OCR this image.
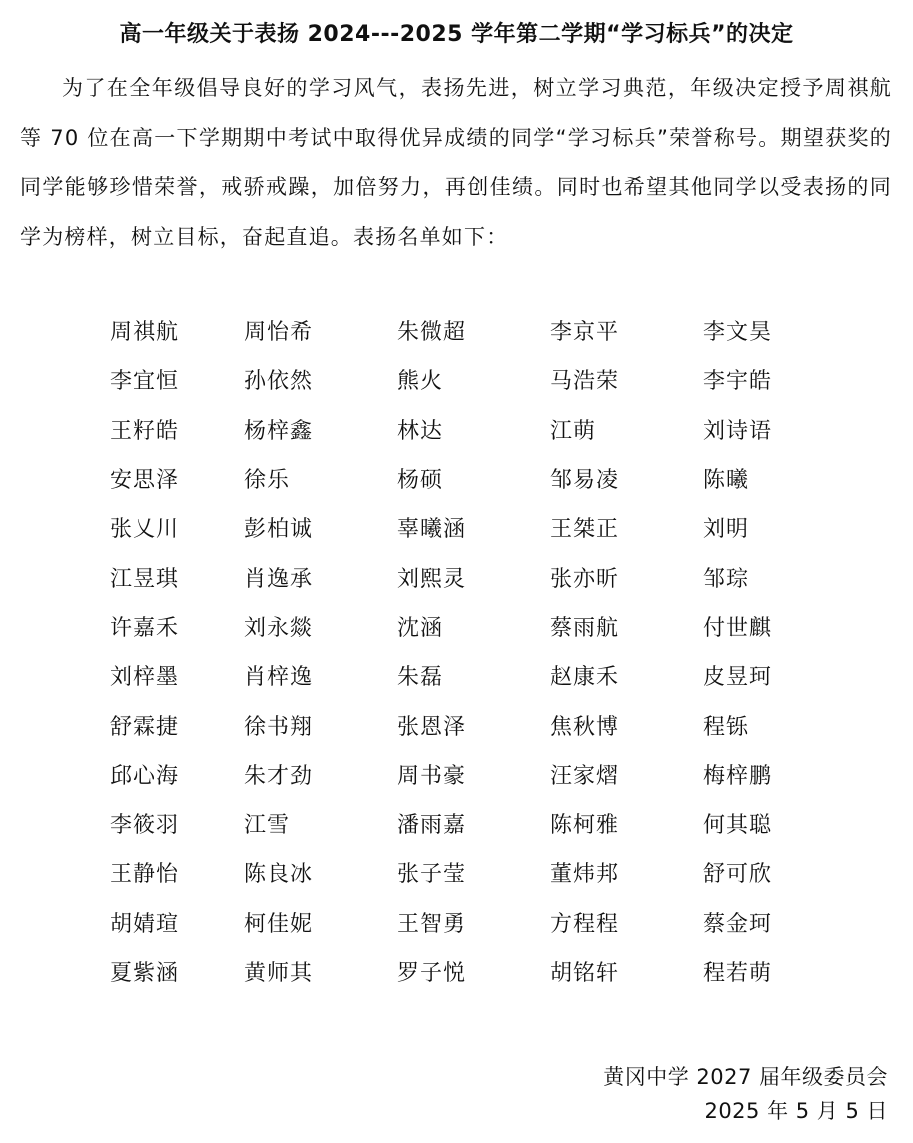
高一年级关于表扬 2024---2025 学年第二学期“学习标兵”的决定

为了在全年级倡导良好的学习风气，表扬先进，树立学习典范，年级决定授予周祺航等 70 位在高一下学期期中考试中取得优异成绩的同学“学习标兵”荣誉称号。期望获奖的同学能够珍惜荣誉，戒骄戒躁，加倍努力，再创佳绩。同时也希望其他同学以受表扬的同学为榜样，树立目标，奋起直追。表扬名单如下：

周祺航	周怡希	朱微超	李京平	李文昊
李宜恒	孙依然	熊火	马浩荣	李宇皓
王籽皓	杨梓鑫	林达	江萌	刘诗语
安思泽	徐乐	杨硕	邹易凌	陈曦
张乂川	彭柏诚	辜曦涵	王桀正	刘明
江昱琪	肖逸承	刘熙灵	张亦昕	邹琮
许嘉禾	刘永燚	沈涵	蔡雨航	付世麒
刘梓墨	肖梓逸	朱磊	赵康禾	皮昱珂
舒霖捷	徐书翔	张恩泽	焦秋博	程铄
邱心海	朱才劲	周书豪	汪家熠	梅梓鹏
李筱羽	江雪	潘雨嘉	陈柯雅	何其聪
王静怡	陈良冰	张子莹	董炜邦	舒可欣
胡婧瑄	柯佳妮	王智勇	方程程	蔡金珂
夏紫涵	黄师其	罗子悦	胡铭轩	程若萌
黄冈中学 2027 届年级委员会
2025 年 5 月 5 日
